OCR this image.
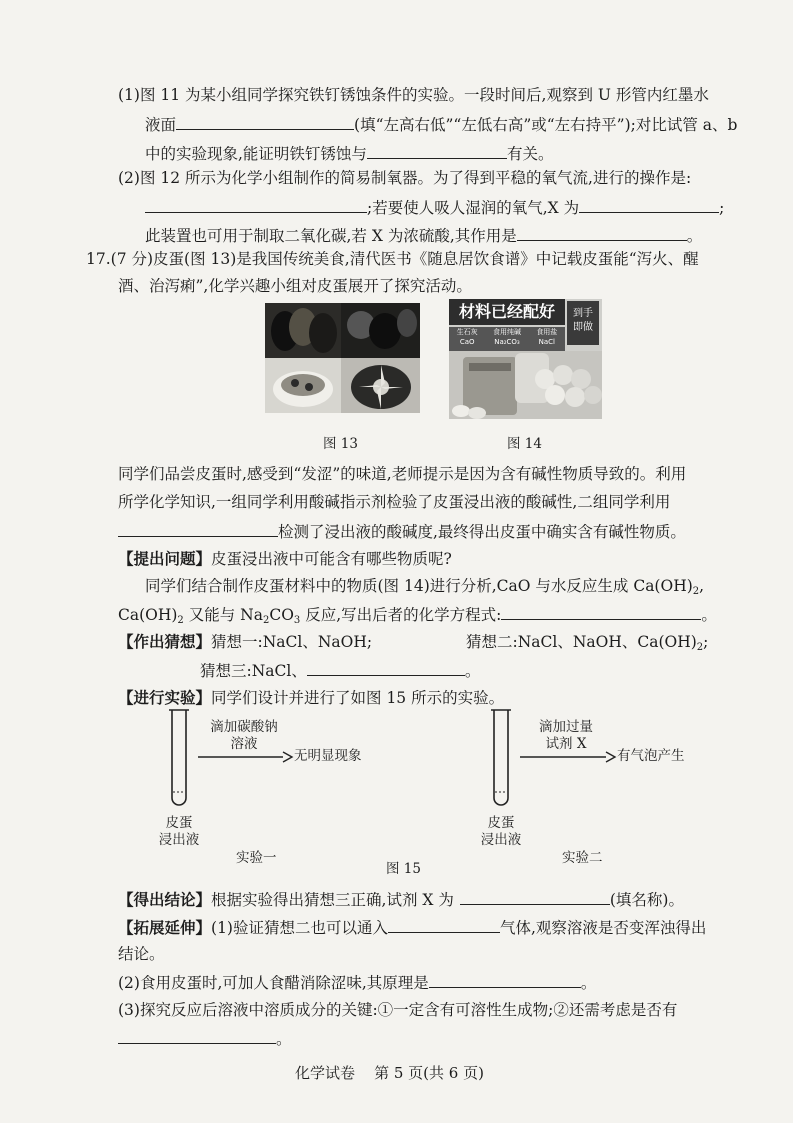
(1)图 11 为某小组同学探究铁钉锈蚀条件的实验。一段时间后,观察到 U 形管内红墨水
液面	(填“左高右低”“左低右高”或“左右持平”);对比试管 a、b
中的实验现象,能证明铁钉锈蚀与	有关。
(2)图 12 所示为化学小组制作的简易制氧器。为了得到平稳的氧气流,进行的操作是:
;若要使人吸人湿润的氧气,X 为	;
此装置也可用于制取二氧化碳,若 X 为浓硫酸,其作用是	。
17.(7 分)皮蛋(图 13)是我国传统美食,清代医书《随息居饮食谱》中记载皮蛋能“泻火、醒
酒、治泻痢”,化学兴趣小组对皮蛋展开了探究活动。
图 13
材料已经配好	到手
即做
生石灰
CaO
食用纯碱
Na₂CO₃
食用盐
NaCl
图 14
同学们品尝皮蛋时,感受到“发涩”的味道,老师提示是因为含有碱性物质导致的。利用
所学化学知识,一组同学利用酸碱指示剂检验了皮蛋浸出液的酸碱性,二组同学利用
检测了浸出液的酸碱度,最终得出皮蛋中确实含有碱性物质。
【提出问题】皮蛋浸出液中可能含有哪些物质呢?
同学们结合制作皮蛋材料中的物质(图 14)进行分析,CaO 与水反应生成 $Ca(OH)_2$,
$Ca(OH)_2$ 又能与 $Na_2CO_3$ 反应,写出后者的化学方程式:	。
【作出猜想】猜想一:NaCl、NaOH;	猜想二:NaCl、NaOH、$Ca(OH)_2$;
猜想三:NaCl、	。
【进行实验】同学们设计并进行了如图 15 所示的实验。
滴加碳酸钠
溶液
无明显现象
皮蛋
浸出液
实验一
滴加过量
试剂 X
有气泡产生
皮蛋
浸出液
实验二
图 15
【得出结论】根据实验得出猜想三正确,试剂 X 为	(填名称)。
【拓展延伸】(1)验证猜想二也可以通入	气体,观察溶液是否变浑浊得出
结论。
(2)食用皮蛋时,可加人食醋消除涩味,其原理是	。
(3)探究反应后溶液中溶质成分的关键:①一定含有可溶性生成物;②还需考虑是否有
。
化学试卷    第 5 页(共 6 页)
